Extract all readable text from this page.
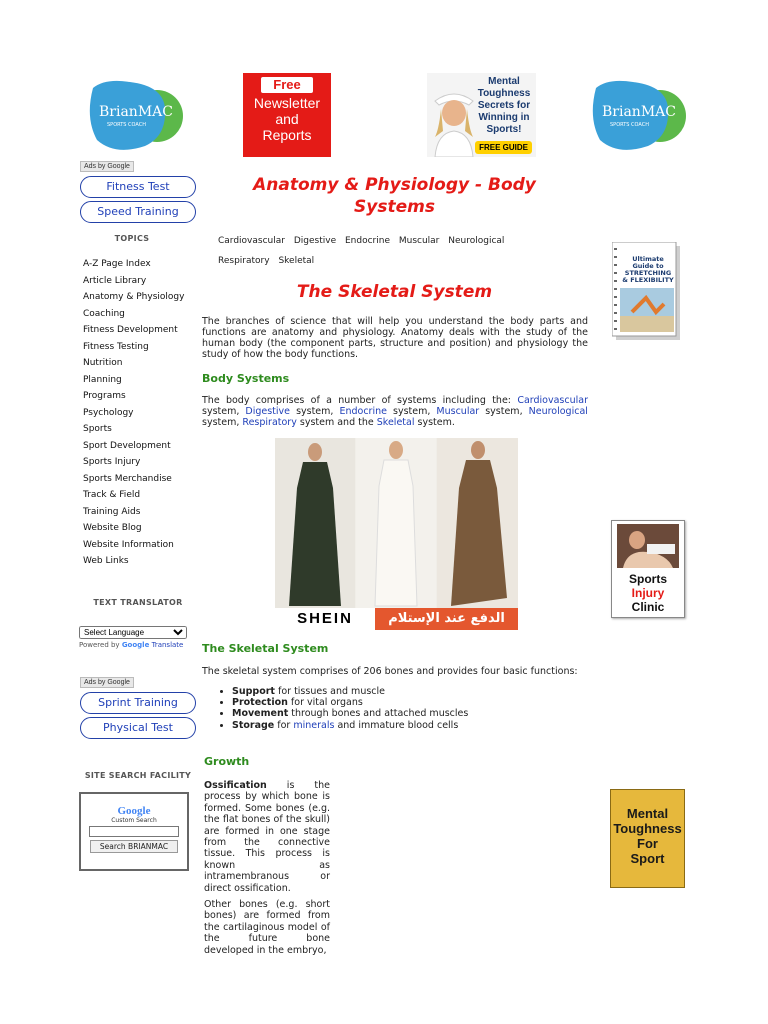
BrianMAC
SPORTS COACH
Free
Newsletter
and
Reports
Mental Toughness Secrets for Winning in Sports!
FREE GUIDE
BrianMAC
SPORTS COACH
Ads by Google
Fitness Test
Speed Training
TOPICS
A-Z Page Index
Article Library
Anatomy & Physiology
Coaching
Fitness Development
Fitness Testing
Nutrition
Planning
Programs
Psychology
Sports
Sport Development
Sports Injury
Sports Merchandise
Track & Field
Training Aids
Website Blog
Website Information
Web Links
TEXT TRANSLATOR
Select Language
Powered by Google Translate
Ads by Google
Sprint Training
Physical Test
SITE SEARCH FACILITY
Google
Custom Search
Search BRIANMAC
Anatomy & Physiology - Body
Systems
Cardiovascular Digestive Endocrine Muscular Neurological
Respiratory Skeletal
The Skeletal System
The branches of science that will help you understand the body parts and functions are anatomy and physiology. Anatomy deals with the study of the human body (the component parts, structure and position) and physiology the study of how the body functions.
Body Systems
The body comprises of a number of systems including the: Cardiovascular system, Digestive system, Endocrine system, Muscular system, Neurological system, Respiratory system and the Skeletal system.
SHEIN	الدفع عند الإستلام
The Skeletal System
The skeletal system comprises of 206 bones and provides four basic functions:
• Support for tissues and muscle
• Protection for vital organs
• Movement through bones and attached muscles
• Storage for minerals and immature blood cells
Growth
Ossification is the process by which bone is formed. Some bones (e.g. the flat bones of the skull) are formed in one stage from the connective tissue. This process is known as intramembranous or direct ossification.
Other bones (e.g. short bones) are formed from the cartilaginous model of the future bone developed in the embryo,
Ultimate Guide to STRETCHING & FLEXIBILITY
Sports
Injury
Clinic
Mental
Toughness
For
Sport
